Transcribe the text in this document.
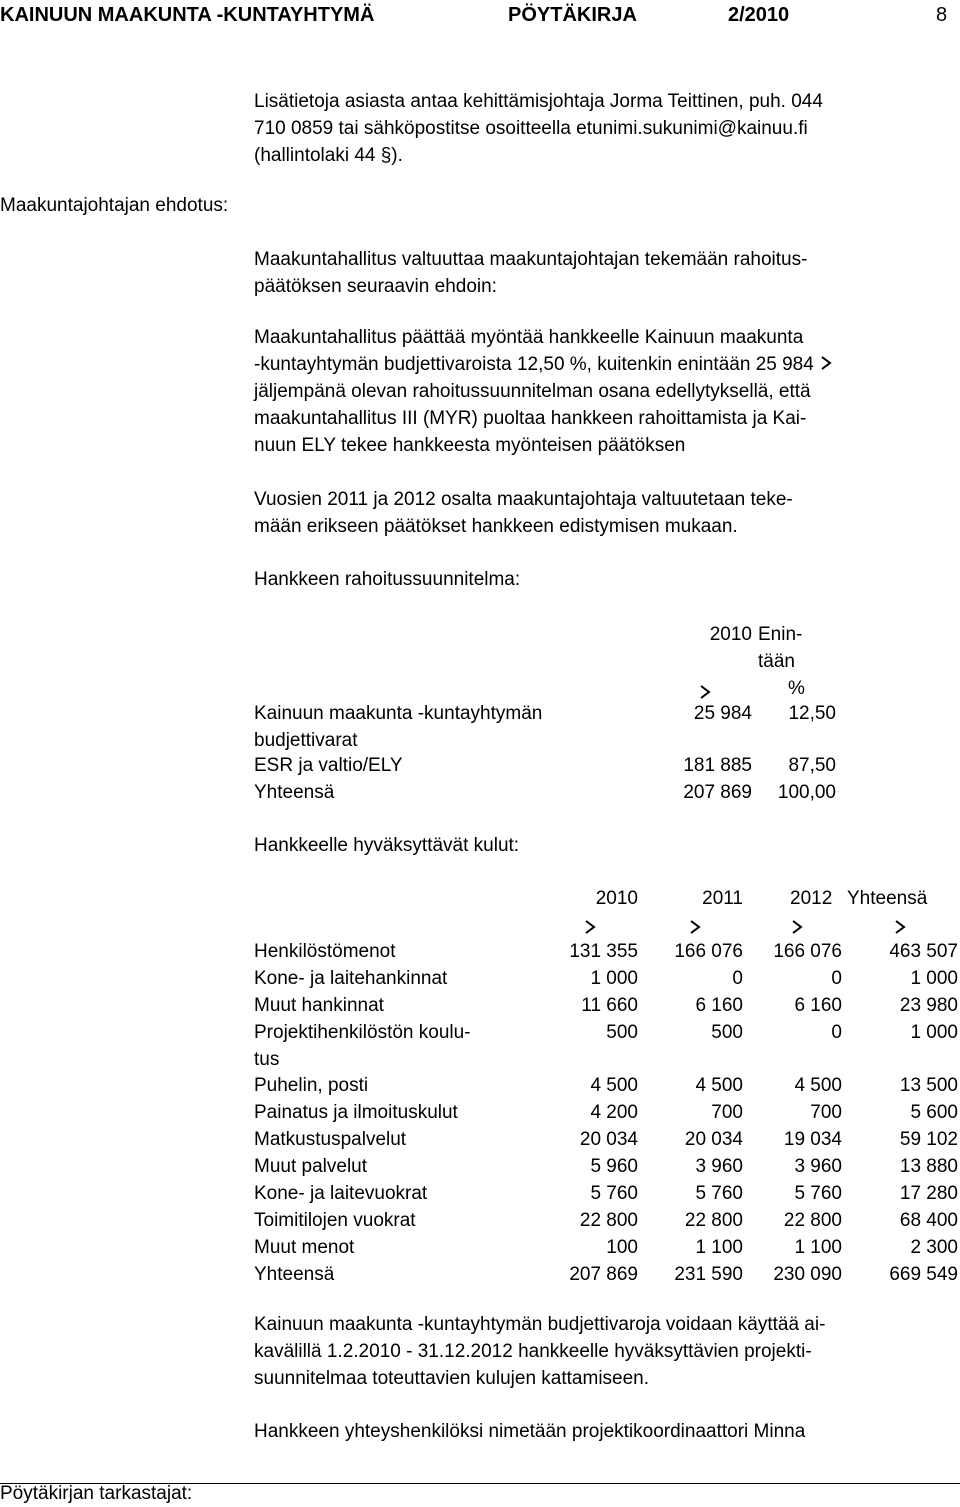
KAINUUN MAAKUNTA -KUNTAYHTYMÄ	PÖYTÄKIRJA	2/2010	8
Maakuntajohtajan ehdotus:
Lisätietoja asiasta antaa kehittämisjohtaja Jorma Teittinen, puh. 044
710 0859 tai sähköpostitse osoitteella etunimi.sukunimi@kainuu.fi
(hallintolaki 44 §).
Maakuntahallitus valtuuttaa maakuntajohtajan tekemään rahoitus-
päätöksen seuraavin ehdoin:
Maakuntahallitus päättää myöntää hankkeelle Kainuun maakunta
-kuntayhtymän budjettivaroista 12,50 %, kuitenkin enintään 25 984
jäljempänä olevan rahoitussuunnitelman osana edellytyksellä, että
maakuntahallitus III (MYR) puoltaa hankkeen rahoittamista ja Kai-
nuun ELY tekee hankkeesta myönteisen päätöksen
Vuosien 2011 ja 2012 osalta maakuntajohtaja valtuutetaan teke-
mään erikseen päätökset hankkeen edistymisen mukaan.
Hankkeen rahoitussuunnitelma:
2010 Enin-
tään
%
Kainuun maakunta -kuntayhtymän
budjettivarat
25 984	12,50
ESR ja valtio/ELY	181 885	87,50
Yhteensä	207 869	100,00
Hankkeelle hyväksyttävät kulut:
2010	2011 2012 Yhteensä
Henkilöstömenot	131 355	166 076	166 076	463 507
Kone- ja laitehankinnat	1 000	0	0	1 000
Muut hankinnat	11 660	6 160	6 160	23 980
Projektihenkilöstön koulu-
tus
500	500	0	1 000
Puhelin, posti	4 500	4 500	4 500	13 500
Painatus ja ilmoituskulut	4 200	700	700	5 600
Matkustuspalvelut	20 034	20 034	19 034	59 102
Muut palvelut	5 960	3 960	3 960	13 880
Kone- ja laitevuokrat	5 760	5 760	5 760	17 280
Toimitilojen vuokrat	22 800	22 800	22 800	68 400
Muut menot	100	1 100	1 100	2 300
Yhteensä	207 869	231 590	230 090	669 549
Kainuun maakunta -kuntayhtymän budjettivaroja voidaan käyttää ai-
kavälillä 1.2.2010 - 31.12.2012 hankkeelle hyväksyttävien projekti-
suunnitelmaa toteuttavien kulujen kattamiseen.
Hankkeen yhteyshenkilöksi nimetään projektikoordinaattori Minna
Pöytäkirjan tarkastajat:
